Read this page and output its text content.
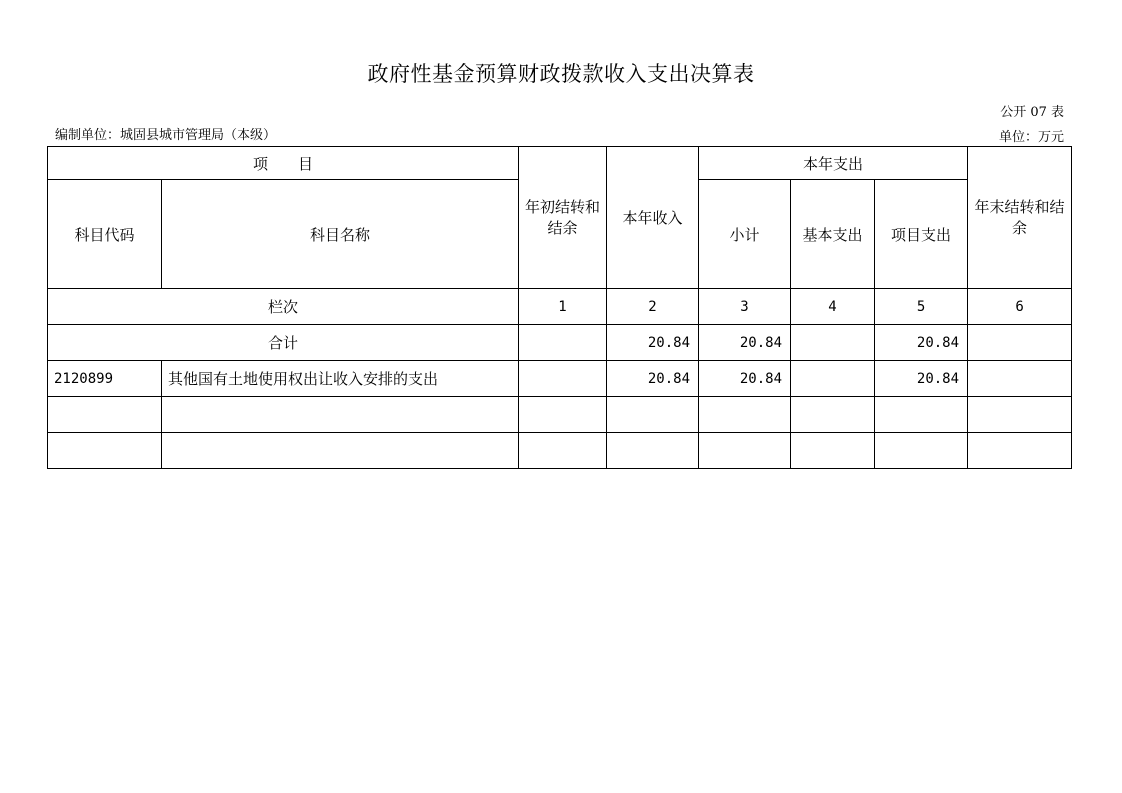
政府性基金预算财政拨款收入支出决算表
公开 07 表
编制单位：城固县城市管理局（本级）	单位：万元
项　　目		年初结转和结余	本年收入	本年支出			年末结转和结余
科目代码	科目名称			小计	基本支出	项目支出	
栏次		1	2	3	4	5	6
合计			20.84	20.84		20.84	
2120899	其他国有土地使用权出让收入安排的支出		20.84	20.84		20.84	
